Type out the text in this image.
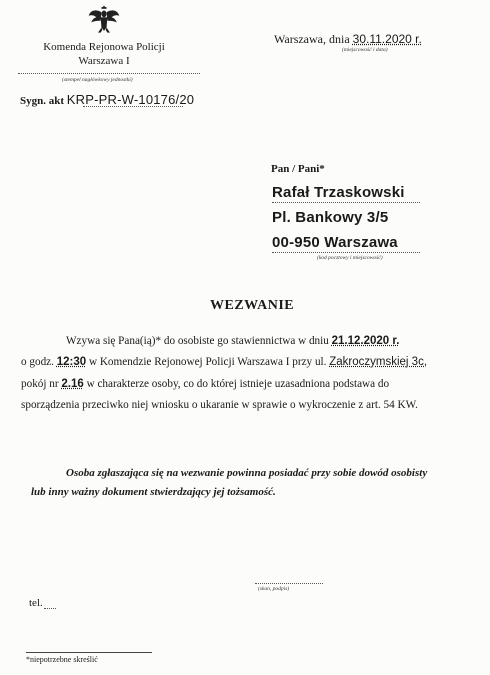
Komenda Rejonowa Policji
Warszawa I
(stempel nagłówkowy jednostki)
Sygn. akt KRP-PR-W-10176/20
Warszawa, dnia 30.11.2020 r.
(miejscowość i data)
Pan / Pani*
Rafał Trzaskowski
Pl. Bankowy 3/5
00-950 Warszawa
(kod pocztowy i miejscowość)
WEZWANIE
Wzywa się Pana(ią)* do osobiste go stawiennictwa w dniu 21.12.2020 r.
o godz. 12:30 w Komendzie Rejonowej Policji Warszawa I przy ul. Zakroczymskiej 3c,
pokój nr 2.16 w charakterze osoby, co do której istnieje uzasadniona podstawa do
sporządzenia przeciwko niej wniosku o ukaranie w sprawie o wykroczenie z art. 54 KW.
Osoba zgłaszająca się na wezwanie powinna posiadać przy sobie dowód osobisty
lub inny ważny dokument stwierdzający jej tożsamość.
(skan, podpis)
tel.
*niepotrzebne skreślić
